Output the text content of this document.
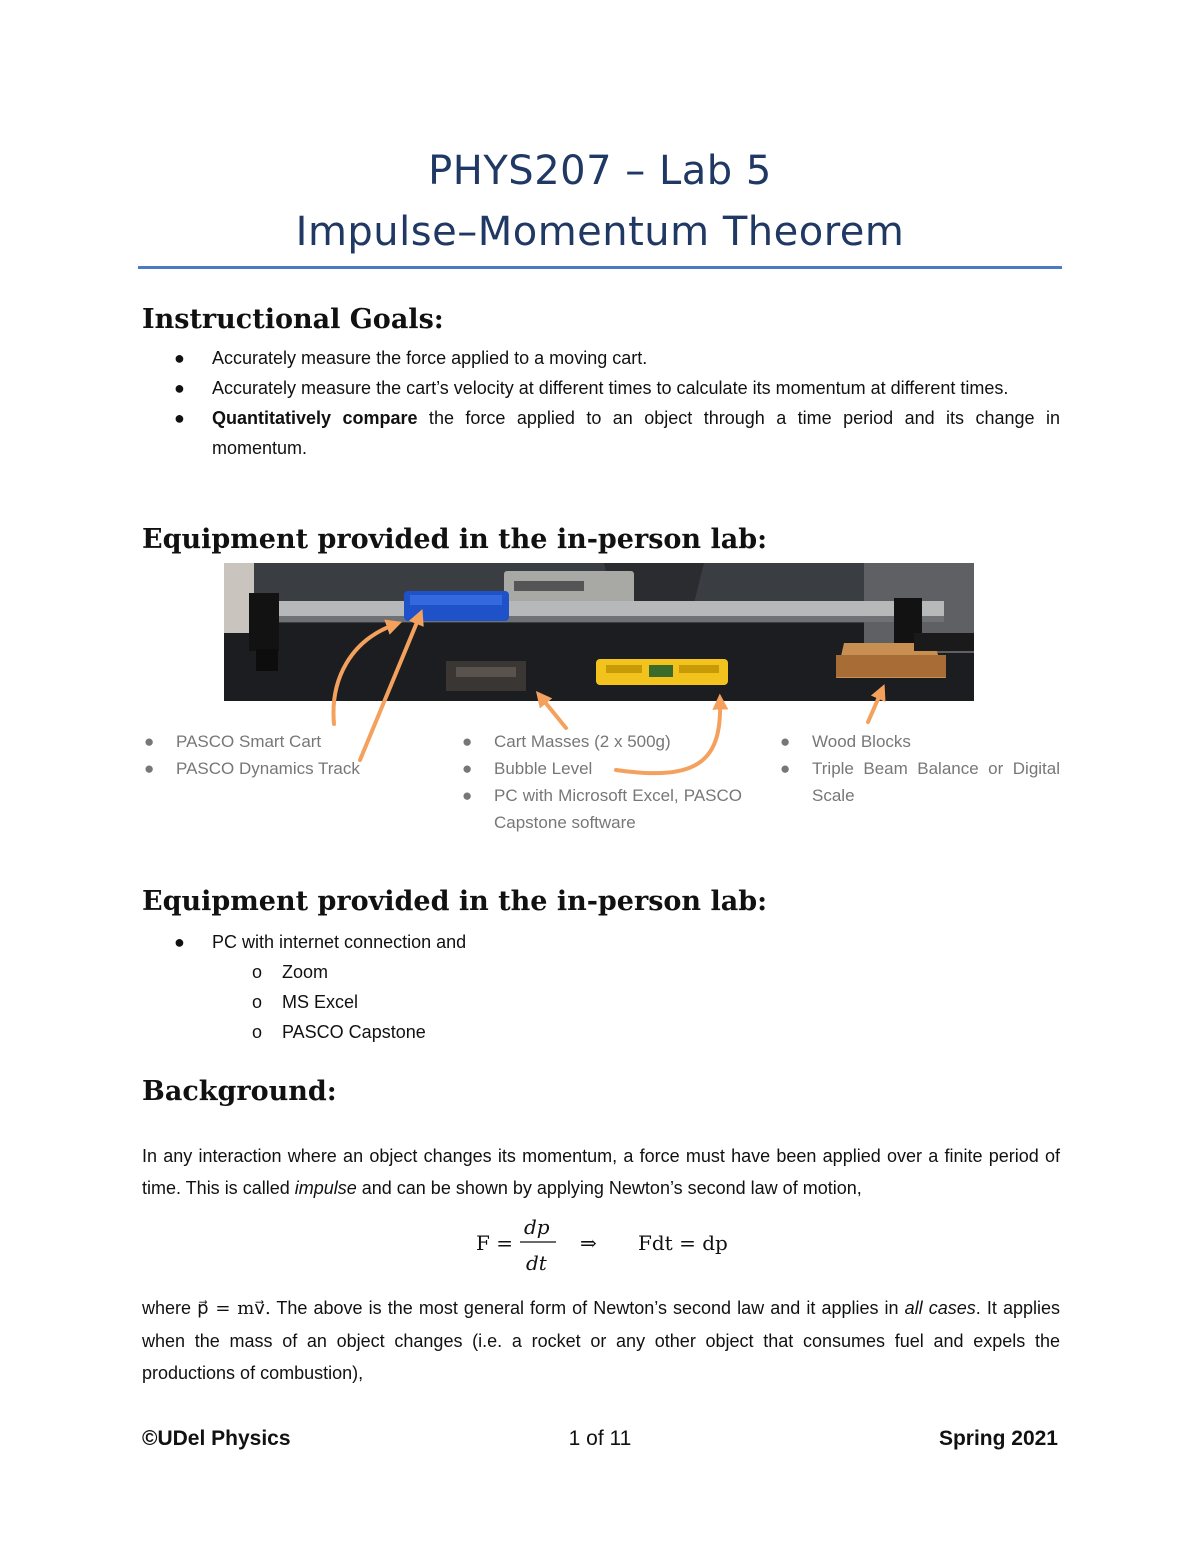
PHYS207 – Lab 5
Impulse–Momentum Theorem
Instructional Goals:
● Accurately measure the force applied to a moving cart.
● Accurately measure the cart’s velocity at different times to calculate its momentum at different times.
● Quantitatively compare the force applied to an object through a time period and its change in momentum.
Equipment provided in the in-person lab:
● PASCO Smart Cart
● PASCO Dynamics Track
● Cart Masses (2 x 500g)
● Bubble Level
● PC with Microsoft Excel, PASCO Capstone software
● Wood Blocks
● Triple Beam Balance or Digital Scale
Equipment provided in the in-person lab:
● PC with internet connection and
o Zoom
o MS Excel
o PASCO Capstone
Background:

In any interaction where an object changes its momentum, a force must have been applied over a finite period of time. This is called impulse and can be shown by applying Newton’s second law of motion,

F =
dp
dt
⇒ Fdt = dp

where p⃗ = mv⃗. The above is the most general form of Newton’s second law and it applies in all cases. It applies when the mass of an object changes (i.e. a rocket or any other object that consumes fuel and expels the productions of combustion),

©UDel Physics	1 of 11	Spring 2021
